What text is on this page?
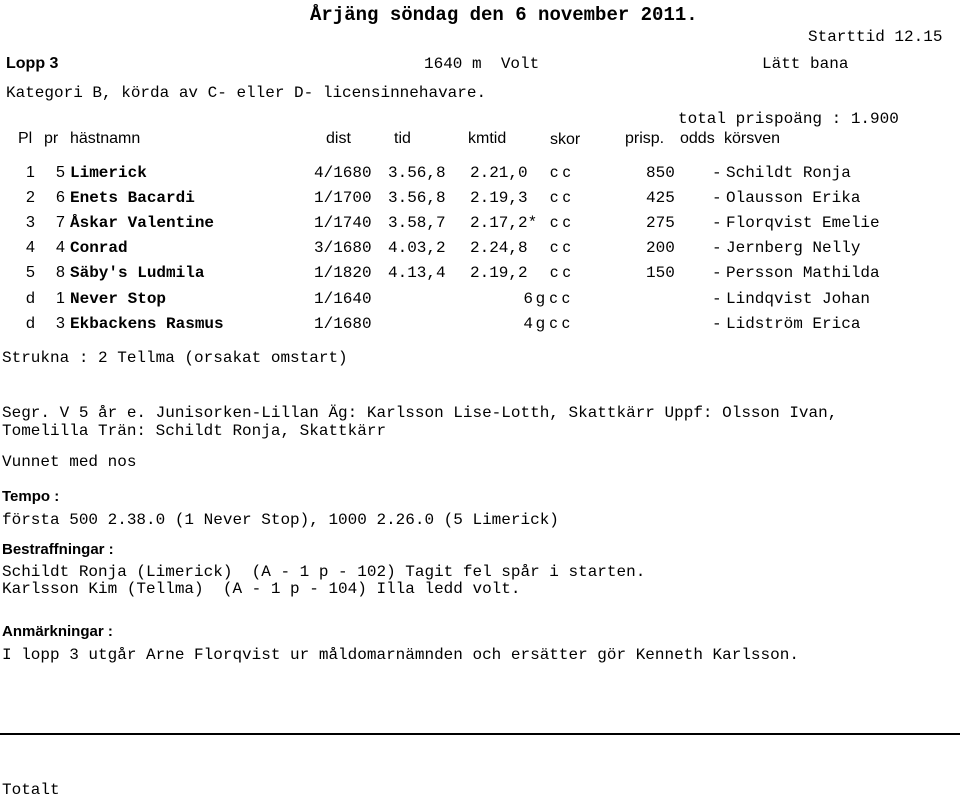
Årjäng söndag den 6 november 2011.
Starttid 12.15
Lopp 3	1640 m  Volt	Lätt bana
Kategori B, körda av C- eller D- licensinnehavare.
total prispoäng : 1.900
Pl pr hästnamn	dist	tid	kmtid	skor	prisp. odds körsven
1 5 Limerick	4/1680 3.56,8 2.21,0 c c	850 - Schildt Ronja
2 6 Enets Bacardi	1/1700 3.56,8 2.19,3 c c	425 - Olausson Erika
3 7 Åskar Valentine	1/1740 3.58,7 2.17,2* c c	275 - Florqvist Emelie
4 4 Conrad	3/1680 4.03,2 2.24,8 c c	200 - Jernberg Nelly
5 8 Säby's Ludmila	1/1820 4.13,4 2.19,2 c c	150 - Persson Mathilda
d 1 Never Stop	1/1640	6 g c c	- Lindqvist Johan
d 3 Ekbackens Rasmus	1/1680	4 g c c	- Lidström Erica
Strukna : 2 Tellma (orsakat omstart)
Segr. V 5 år e. Junisorken-Lillan Äg: Karlsson Lise-Lotth, Skattkärr Uppf: Olsson Ivan,
Tomelilla Trän: Schildt Ronja, Skattkärr
Vunnet med nos
Tempo :
första 500 2.38.0 (1 Never Stop), 1000 2.26.0 (5 Limerick)
Bestraffningar :
Schildt Ronja (Limerick)  (A - 1 p - 102) Tagit fel spår i starten.
Karlsson Kim (Tellma)  (A - 1 p - 104) Illa ledd volt.
Anmärkningar :
I lopp 3 utgår Arne Florqvist ur måldomarnämnden och ersätter gör Kenneth Karlsson.
Totalt
